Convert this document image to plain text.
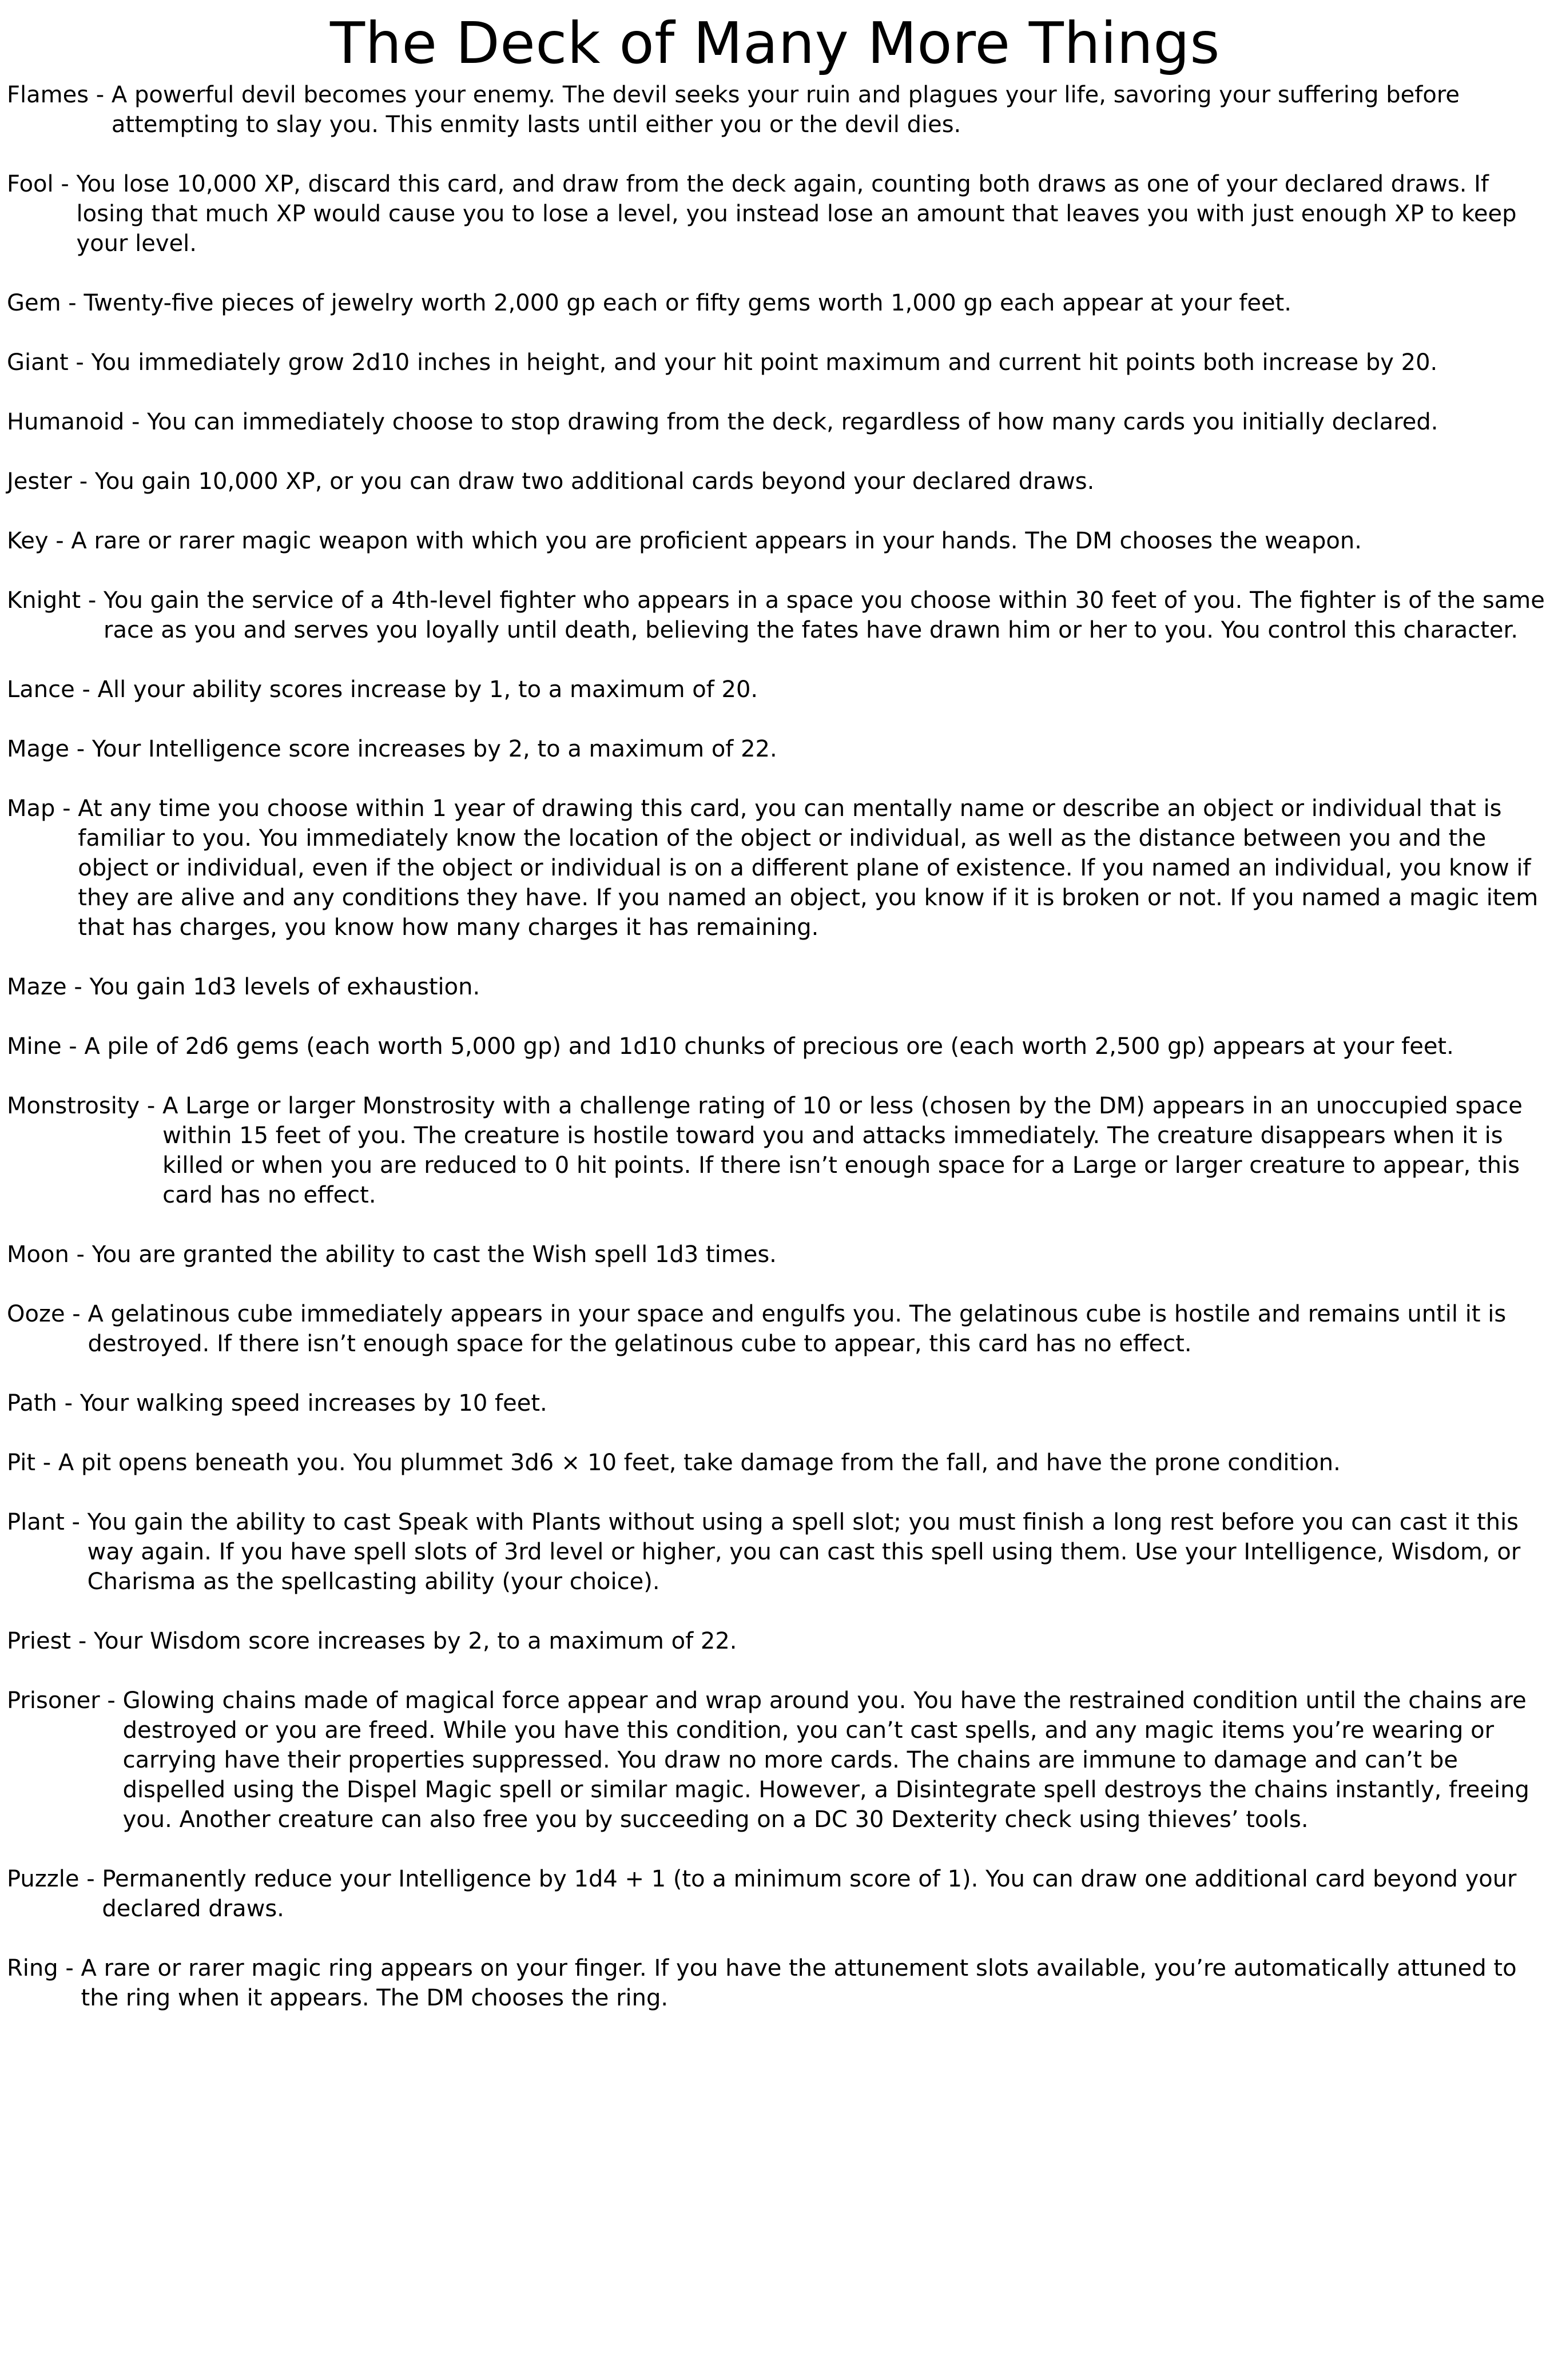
The Deck of Many More Things
Flames - A powerful devil becomes your enemy. The devil seeks your ruin and plagues your life, savoring your suffering before attempting to slay you. This enmity lasts until either you or the devil dies.
Fool - You lose 10,000 XP, discard this card, and draw from the deck again, counting both draws as one of your declared draws. If losing that much XP would cause you to lose a level, you instead lose an amount that leaves you with just enough XP to keep your level.
Gem - Twenty-five pieces of jewelry worth 2,000 gp each or fifty gems worth 1,000 gp each appear at your feet.
Giant - You immediately grow 2d10 inches in height, and your hit point maximum and current hit points both increase by 20.
Humanoid - You can immediately choose to stop drawing from the deck, regardless of how many cards you initially declared.
Jester - You gain 10,000 XP, or you can draw two additional cards beyond your declared draws.
Key - A rare or rarer magic weapon with which you are proficient appears in your hands. The DM chooses the weapon.
Knight - You gain the service of a 4th-level fighter who appears in a space you choose within 30 feet of you. The fighter is of the same race as you and serves you loyally until death, believing the fates have drawn him or her to you. You control this character.
Lance - All your ability scores increase by 1, to a maximum of 20.
Mage - Your Intelligence score increases by 2, to a maximum of 22.
Map - At any time you choose within 1 year of drawing this card, you can mentally name or describe an object or individual that is familiar to you. You immediately know the location of the object or individual, as well as the distance between you and the object or individual, even if the object or individual is on a different plane of existence. If you named an individual, you know if they are alive and any conditions they have. If you named an object, you know if it is broken or not. If you named a magic item that has charges, you know how many charges it has remaining.
Maze - You gain 1d3 levels of exhaustion.
Mine - A pile of 2d6 gems (each worth 5,000 gp) and 1d10 chunks of precious ore (each worth 2,500 gp) appears at your feet.
Monstrosity - A Large or larger Monstrosity with a challenge rating of 10 or less (chosen by the DM) appears in an unoccupied space within 15 feet of you. The creature is hostile toward you and attacks immediately. The creature disappears when it is killed or when you are reduced to 0 hit points. If there isn’t enough space for a Large or larger creature to appear, this card has no effect.
Moon - You are granted the ability to cast the Wish spell 1d3 times.
Ooze - A gelatinous cube immediately appears in your space and engulfs you. The gelatinous cube is hostile and remains until it is destroyed. If there isn’t enough space for the gelatinous cube to appear, this card has no effect.
Path - Your walking speed increases by 10 feet.
Pit - A pit opens beneath you. You plummet 3d6 × 10 feet, take damage from the fall, and have the prone condition.
Plant - You gain the ability to cast Speak with Plants without using a spell slot; you must finish a long rest before you can cast it this way again. If you have spell slots of 3rd level or higher, you can cast this spell using them. Use your Intelligence, Wisdom, or Charisma as the spellcasting ability (your choice).
Priest - Your Wisdom score increases by 2, to a maximum of 22.
Prisoner - Glowing chains made of magical force appear and wrap around you. You have the restrained condition until the chains are destroyed or you are freed. While you have this condition, you can’t cast spells, and any magic items you’re wearing or carrying have their properties suppressed. You draw no more cards. The chains are immune to damage and can’t be dispelled using the Dispel Magic spell or similar magic. However, a Disintegrate spell destroys the chains instantly, freeing you. Another creature can also free you by succeeding on a DC 30 Dexterity check using thieves’ tools.
Puzzle - Permanently reduce your Intelligence by 1d4 + 1 (to a minimum score of 1). You can draw one additional card beyond your declared draws.
Ring - A rare or rarer magic ring appears on your finger. If you have the attunement slots available, you’re automatically attuned to the ring when it appears. The DM chooses the ring.
